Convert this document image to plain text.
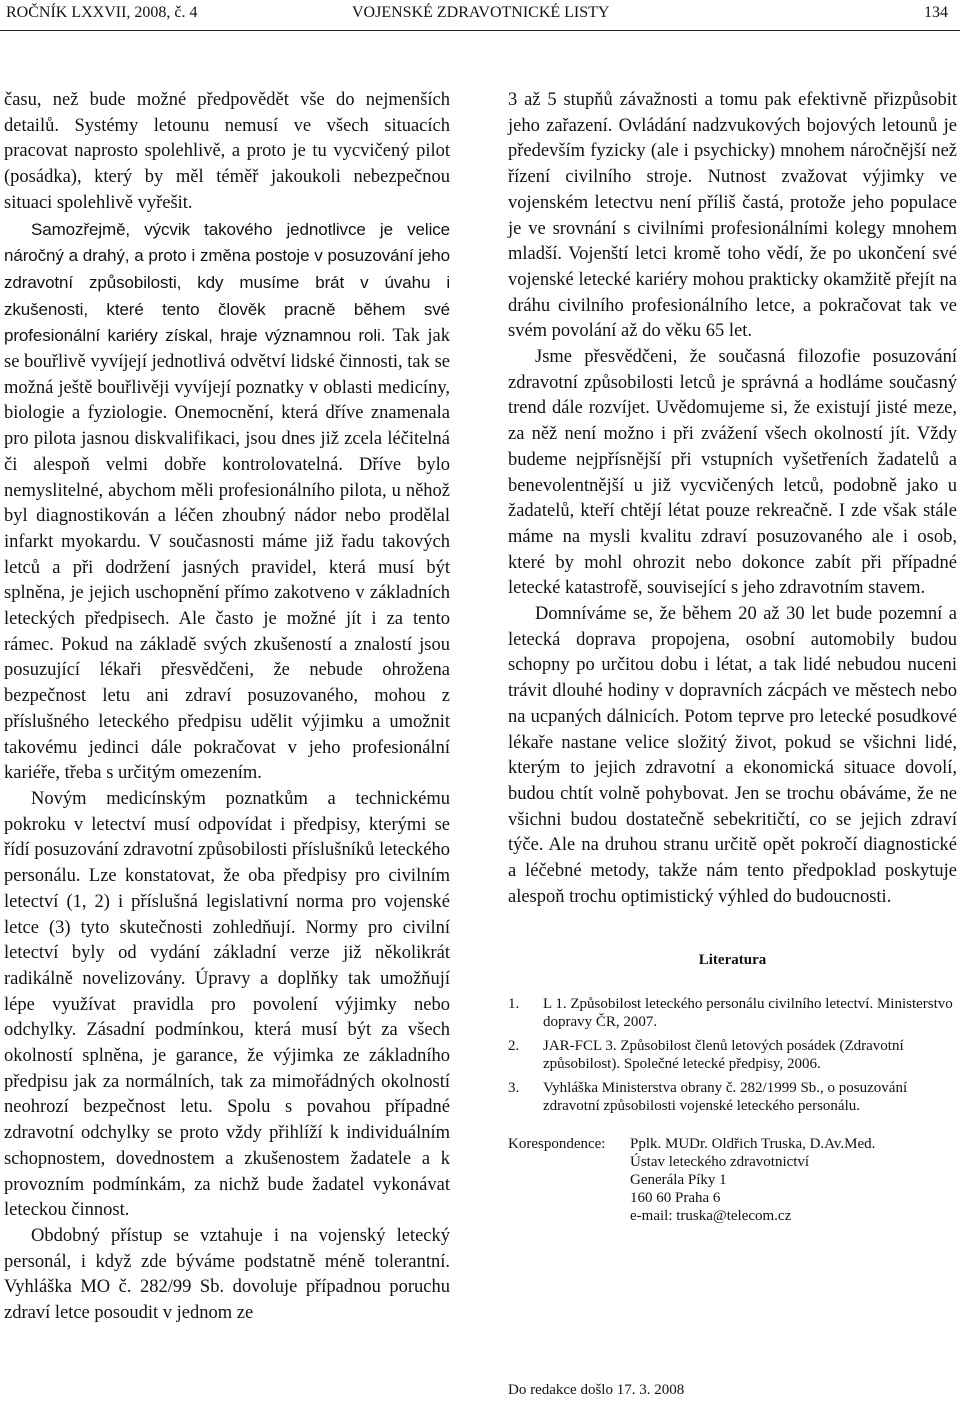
ROČNÍK LXXVII, 2008, č. 4	VOJENSKÉ ZDRAVOTNICKÉ LISTY	134

času, než bude možné předpovědět vše do nejmenších detailů. Systémy letounu nemusí ve všech situacích pracovat naprosto spolehlivě, a proto je tu vycvičený pilot (posádka), který by měl téměř jakoukoli nebezpečnou situaci spolehlivě vyřešit.

Samozřejmě, výcvik takového jednotlivce je velice náročný a drahý, a proto i změna postoje v posuzování jeho zdravotní způsobilosti, kdy musíme brát v úvahu i zkušenosti, které tento člověk pracně během své profesionální kariéry získal, hraje významnou roli. Tak jak se bouřlivě vyvíjejí jednotlivá odvětví lidské činnosti, tak se možná ještě bouřlivěji vyvíjejí poznatky v oblasti medicíny, biologie a fyziologie. Onemocnění, která dříve znamenala pro pilota jasnou diskvalifikaci, jsou dnes již zcela léčitelná či alespoň velmi dobře kontrolovatelná. Dříve bylo nemyslitelné, abychom měli profesionálního pilota, u něhož byl diagnostikován a léčen zhoubný nádor nebo prodělal infarkt myokardu. V současnosti máme již řadu takových letců a při dodržení jasných pravidel, která musí být splněna, je jejich uschopnění přímo zakotveno v základních leteckých předpisech. Ale často je možné jít i za tento rámec. Pokud na základě svých zkušeností a znalostí jsou posuzující lékaři přesvědčeni, že nebude ohrožena bezpečnost letu ani zdraví posuzovaného, mohou z příslušného leteckého předpisu udělit výjimku a umožnit takovému jedinci dále pokračovat v jeho profesionální kariéře, třeba s určitým omezením.

Novým medicínským poznatkům a technickému pokroku v letectví musí odpovídat i předpisy, kterými se řídí posuzování zdravotní způsobilosti příslušníků leteckého personálu. Lze konstatovat, že oba předpisy pro civilním letectví (1, 2) i příslušná legislativní norma pro vojenské letce (3) tyto skutečnosti zohledňují. Normy pro civilní letectví byly od vydání základní verze již několikrát radikálně novelizovány. Úpravy a doplňky tak umožňují lépe využívat pravidla pro povolení výjimky nebo odchylky. Zásadní podmínkou, která musí být za všech okolností splněna, je garance, že výjimka ze základního předpisu jak za normálních, tak za mimořádných okolností neohrozí bezpečnost letu. Spolu s povahou případné zdravotní odchylky se proto vždy přihlíží k individuálním schopnostem, dovednostem a zkušenostem žadatele a k provozním podmínkám, za nichž bude žadatel vykonávat leteckou činnost.

Obdobný přístup se vztahuje i na vojenský letecký personál, i když zde býváme podstatně méně tolerantní. Vyhláška MO č. 282/99 Sb. dovoluje případnou poruchu zdraví letce posoudit v jednom ze

3 až 5 stupňů závažnosti a tomu pak efektivně přizpůsobit jeho zařazení. Ovládání nadzvukových bojových letounů je především fyzicky (ale i psychicky) mnohem náročnější než řízení civilního stroje. Nutnost zvažovat výjimky ve vojenském letectvu není příliš častá, protože jeho populace je ve srovnání s civilními profesionálními kolegy mnohem mladší. Vojenští letci kromě toho vědí, že po ukončení své vojenské letecké kariéry mohou prakticky okamžitě přejít na dráhu civilního profesionálního letce, a pokračovat tak ve svém povolání až do věku 65 let.

Jsme přesvědčeni, že současná filozofie posuzování zdravotní způsobilosti letců je správná a hodláme současný trend dále rozvíjet. Uvědomujeme si, že existují jisté meze, za něž není možno i při zvážení všech okolností jít. Vždy budeme nejpřísnější při vstupních vyšetřeních žadatelů a benevolentnější u již vycvičených letců, podobně jako u žadatelů, kteří chtějí létat pouze rekreačně. I zde však stále máme na mysli kvalitu zdraví posuzovaného ale i osob, které by mohl ohrozit nebo dokonce zabít při případné letecké katastrofě, související s jeho zdravotním stavem.

Domníváme se, že během 20 až 30 let bude pozemní a letecká doprava propojena, osobní automobily budou schopny po určitou dobu i létat, a tak lidé nebudou nuceni trávit dlouhé hodiny v dopravních zácpách ve městech nebo na ucpaných dálnicích. Potom teprve pro letecké posudkové lékaře nastane velice složitý život, pokud se všichni lidé, kterým to jejich zdravotní a ekonomická situace dovolí, budou chtít volně pohybovat. Jen se trochu obáváme, že ne všichni budou dostatečně sebekritičtí, co se jejich zdraví týče. Ale na druhou stranu určitě opět pokročí diagnostické a léčebné metody, takže nám tento předpoklad poskytuje alespoň trochu optimistický výhled do budoucnosti.

Literatura
1. L 1. Způsobilost leteckého personálu civilního letectví. Ministerstvo dopravy ČR, 2007.
2. JAR-FCL 3. Způsobilost členů letových posádek (Zdravotní způsobilost). Společné letecké předpisy, 2006.
3. Vyhláška Ministerstva obrany č. 282/1999 Sb., o posuzování zdravotní způsobilosti vojenské leteckého personálu.
Korespondence:	Pplk. MUDr. Oldřich Truska, D.Av.Med.
Ústav leteckého zdravotnictví
Generála Píky 1
160 60 Praha 6
e-mail: truska@telecom.cz
Do redakce došlo 17. 3. 2008
